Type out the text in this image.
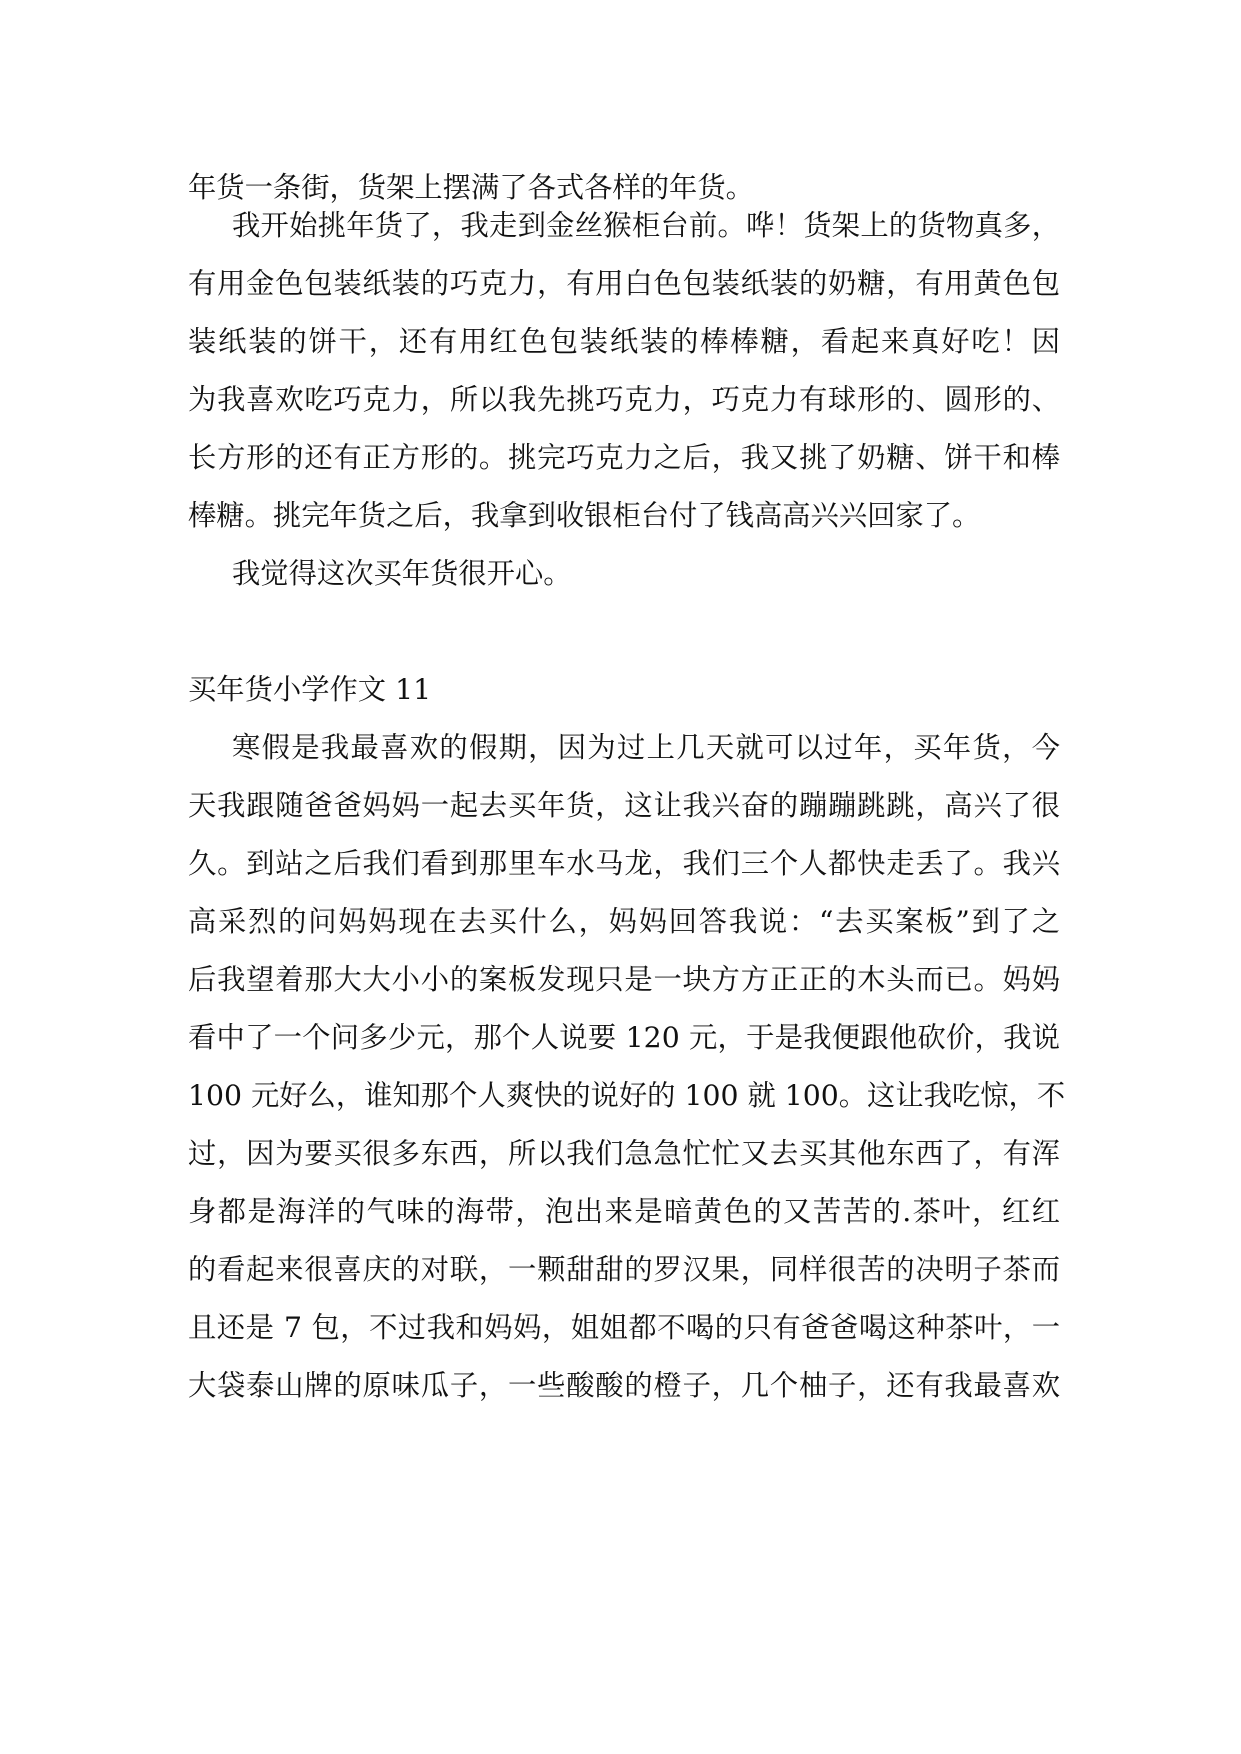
年货一条街，货架上摆满了各式各样的年货。
我开始挑年货了，我走到金丝猴柜台前。哗！货架上的货物真多，
有用金色包装纸装的巧克力，有用白色包装纸装的奶糖，有用黄色包
装纸装的饼干，还有用红色包装纸装的棒棒糖，看起来真好吃！因
为我喜欢吃巧克力，所以我先挑巧克力，巧克力有球形的、圆形的、
长方形的还有正方形的。挑完巧克力之后，我又挑了奶糖、饼干和棒
棒糖。挑完年货之后，我拿到收银柜台付了钱高高兴兴回家了。
我觉得这次买年货很开心。
买年货小学作文 11
寒假是我最喜欢的假期，因为过上几天就可以过年，买年货，今
天我跟随爸爸妈妈一起去买年货，这让我兴奋的蹦蹦跳跳，高兴了很
久。到站之后我们看到那里车水马龙，我们三个人都快走丢了。我兴
高采烈的问妈妈现在去买什么，妈妈回答我说：“去买案板”到了之
后我望着那大大小小的案板发现只是一块方方正正的木头而已。妈妈
看中了一个问多少元，那个人说要 120 元，于是我便跟他砍价，我说
100 元好么，谁知那个人爽快的说好的 100 就 100。这让我吃惊，不
过，因为要买很多东西，所以我们急急忙忙又去买其他东西了，有浑
身都是海洋的气味的海带，泡出来是暗黄色的又苦苦的.茶叶，红红
的看起来很喜庆的对联，一颗甜甜的罗汉果，同样很苦的决明子茶而
且还是 7 包，不过我和妈妈，姐姐都不喝的只有爸爸喝这种茶叶，一
大袋泰山牌的原味瓜子，一些酸酸的橙子，几个柚子，还有我最喜欢
